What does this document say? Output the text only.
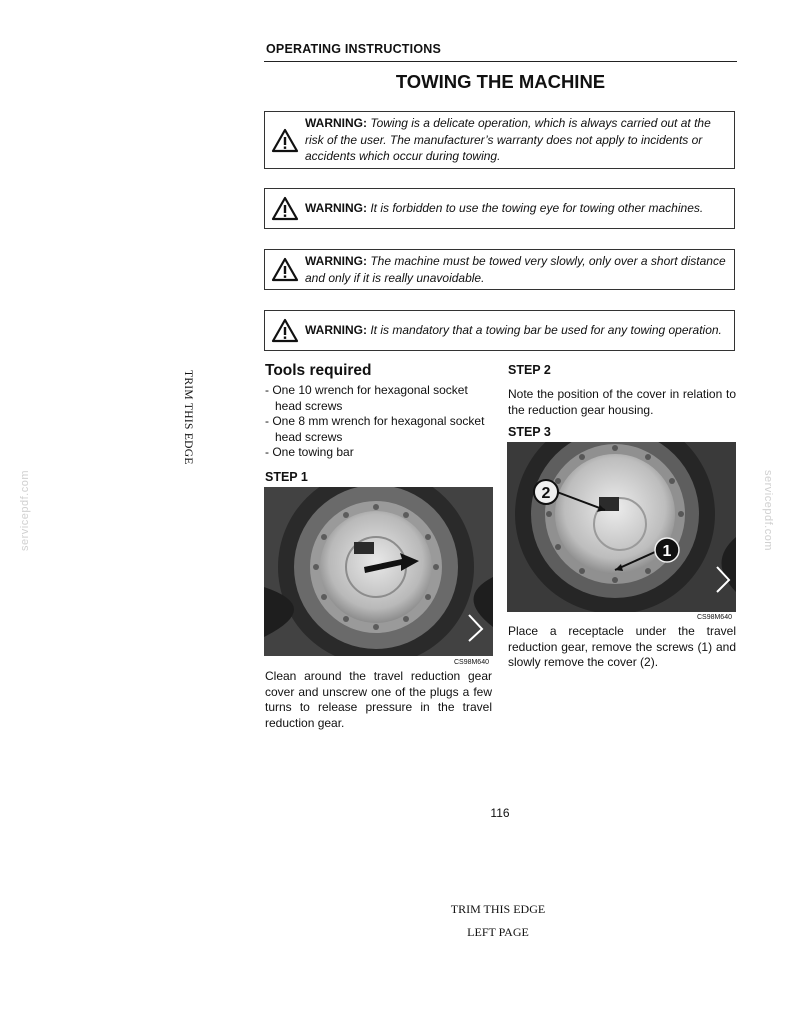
OPERATING INSTRUCTIONS
TOWING THE MACHINE
WARNING: Towing is a delicate operation, which is always carried out at the risk of the user. The manufacturer’s warranty does not apply to incidents or accidents which occur during towing.
WARNING: It is forbidden to use the towing eye for towing other machines.
WARNING: The machine must be towed very slowly, only over a short distance and only if it is really unavoidable.
WARNING: It is mandatory that a towing bar be used for any towing operation.
Tools required
- One 10 wrench for hexagonal socket head screws
- One 8 mm wrench for hexagonal socket head screws
- One towing bar
STEP 1
CS98M640
Clean around the travel reduction gear cover and unscrew one of the plugs a few turns to release pressure in the travel reduction gear.
STEP 2
Note the position of the cover in relation to the reduction gear housing.
STEP 3
2
1
CS98M640
Place a receptacle under the travel reduction gear, remove the screws (1) and slowly remove the cover (2).
116
TRIM THIS EDGE
TRIM THIS EDGE
LEFT PAGE
servicepdf.com	servicepdf.com
